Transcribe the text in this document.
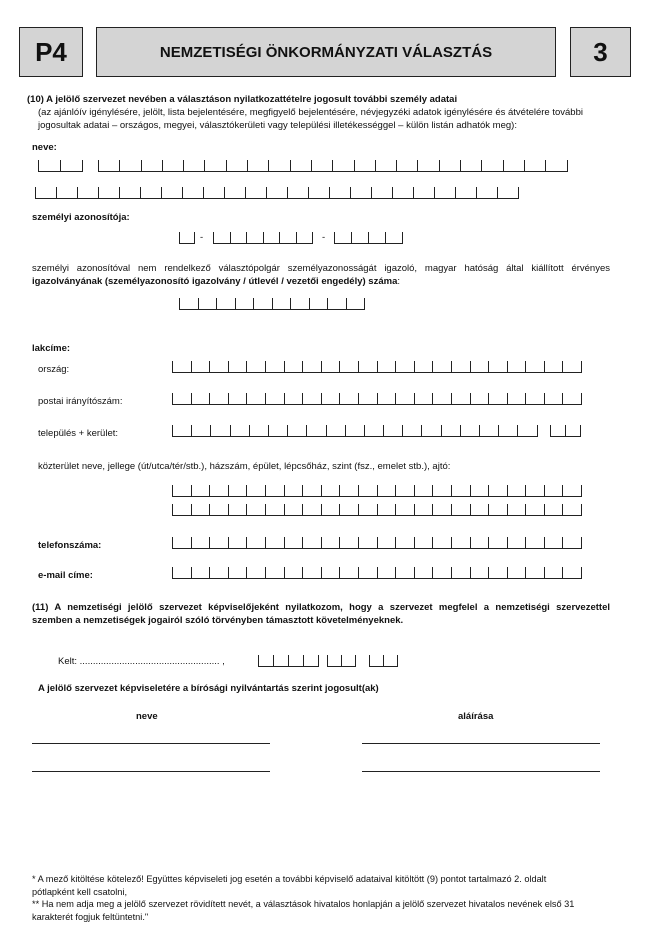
P4	NEMZETISÉGI ÖNKORMÁNYZATI VÁLASZTÁS	3
(10) A jelölő szervezet nevében a választáson nyilatkozattételre jogosult további személy adatai
(az ajánlóív igénylésére, jelölt, lista bejelentésére, megfigyelő bejelentésére, névjegyzéki adatok igénylésére és átvételére további
jogosultak adatai – országos, megyei, választókerületi vagy települési illetékességgel – külön listán adhatók meg):
neve:
személyi azonosítója:
-	-
személyi azonosítóval nem rendelkező választópolgár személyazonosságát igazoló, magyar hatóság által kiállított érvényes
igazolványának (személyazonosító igazolvány / útlevél / vezetői engedély) száma:
lakcíme:
ország:
postai irányítószám:
település + kerület:
közterület neve, jellege (út/utca/tér/stb.), házszám, épület, lépcsőház, szint (fsz., emelet stb.), ajtó:
telefonszáma:
e-mail címe:
(11) A nemzetiségi jelölő szervezet képviselőjeként nyilatkozom, hogy a szervezet megfelel a nemzetiségi szervezettel
szemben a nemzetiségek jogairól szóló törvényben támasztott követelményeknek.
Kelt: ..................................................... ,
A jelölő szervezet képviseletére a bírósági nyilvántartás szerint jogosult(ak)
neve	aláírása
* A mező kitöltése kötelező! Együttes képviseleti jog esetén a további képviselő adataival kitöltött (9) pontot tartalmazó 2. oldalt
pótlapként kell csatolni,
** Ha nem adja meg a jelölő szervezet rövidített nevét, a választások hivatalos honlapján a jelölő szervezet hivatalos nevének első 31
karakterét fogjuk feltüntetni."
